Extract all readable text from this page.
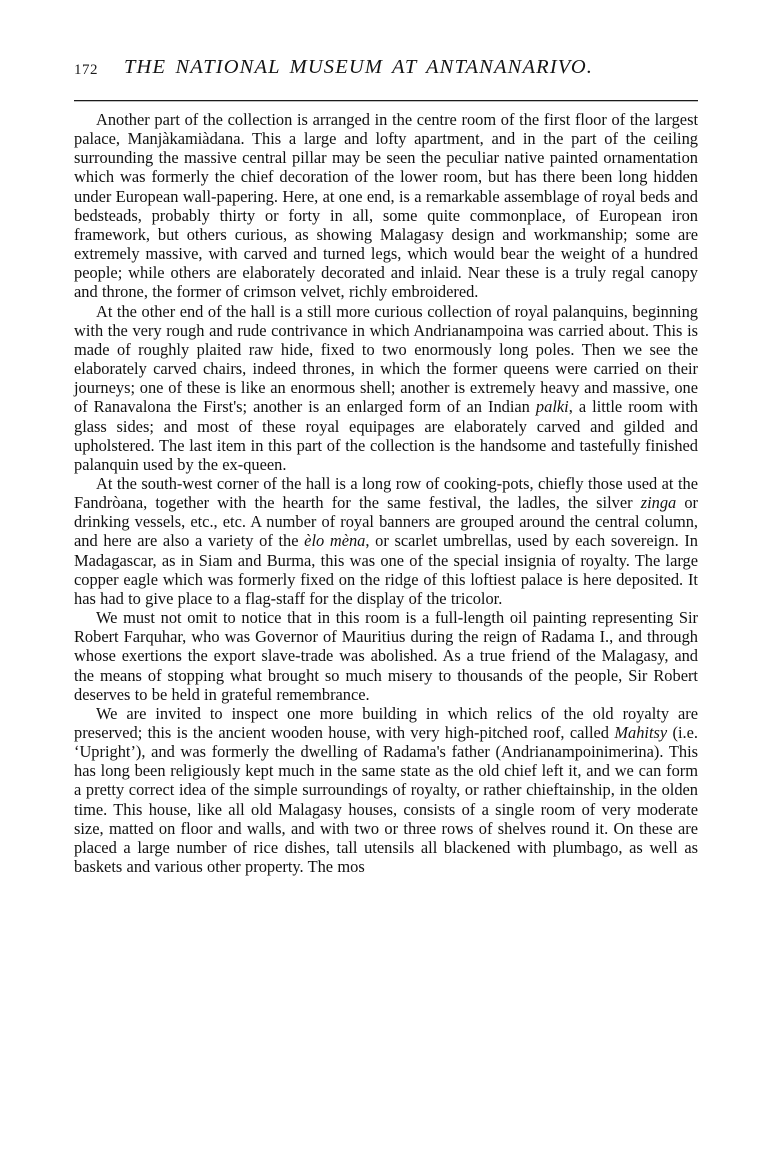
172 THE NATIONAL MUSEUM AT ANTANANARIVO.

Another part of the collection is arranged in the centre room of the first floor of the largest palace, Manjàkamiàdana. This a large and lofty apartment, and in the part of the ceiling surrounding the massive central pillar may be seen the peculiar native painted ornamentation which was formerly the chief decoration of the lower room, but has there been long hidden under European wall-papering. Here, at one end, is a remarkable assemblage of royal beds and bedsteads, probably thirty or forty in all, some quite commonplace, of European iron framework, but others curious, as showing Malagasy design and workmanship; some are extremely massive, with carved and turned legs, which would bear the weight of a hundred people; while others are elaborately decorated and inlaid. Near these is a truly regal canopy and throne, the former of crimson velvet, richly embroidered.

At the other end of the hall is a still more curious collection of royal palanquins, beginning with the very rough and rude contrivance in which Andrianampoina was carried about. This is made of roughly plaited raw hide, fixed to two enormously long poles. Then we see the elaborately carved chairs, indeed thrones, in which the former queens were carried on their journeys; one of these is like an enormous shell; another is extremely heavy and massive, one of Ranavalona the First's; another is an enlarged form of an Indian palki, a little room with glass sides; and most of these royal equipages are elaborately carved and gilded and upholstered. The last item in this part of the collection is the handsome and tastefully finished palanquin used by the ex-queen.

At the south-west corner of the hall is a long row of cooking-pots, chiefly those used at the Fandròana, together with the hearth for the same festival, the ladles, the silver zinga or drinking vessels, etc., etc. A number of royal banners are grouped around the central column, and here are also a variety of the èlo mèna, or scarlet umbrellas, used by each sovereign. In Madagascar, as in Siam and Burma, this was one of the special insignia of royalty. The large copper eagle which was formerly fixed on the ridge of this loftiest palace is here deposited. It has had to give place to a flag-staff for the display of the tricolor.

We must not omit to notice that in this room is a full-length oil painting representing Sir Robert Farquhar, who was Governor of Mauritius during the reign of Radama I., and through whose exertions the export slave-trade was abolished. As a true friend of the Malagasy, and the means of stopping what brought so much misery to thousands of the people, Sir Robert deserves to be held in grateful remembrance.

We are invited to inspect one more building in which relics of the old royalty are preserved; this is the ancient wooden house, with very high-pitched roof, called Mahitsy (i.e. ‘Upright’), and was formerly the dwelling of Radama's father (Andrianampoinimerina). This has long been religiously kept much in the same state as the old chief left it, and we can form a pretty correct idea of the simple surroundings of royalty, or rather chieftainship, in the olden time. This house, like all old Malagasy houses, consists of a single room of very moderate size, matted on floor and walls, and with two or three rows of shelves round it. On these are placed a large number of rice dishes, tall utensils all blackened with plumbago, as well as baskets and various other property. The mos
